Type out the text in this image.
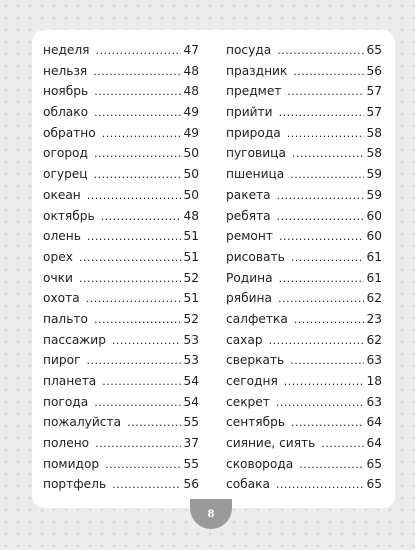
неделя .....	47
нельзя .....	48
ноябрь .....	48
облако .....	49
обратно .....	49
огород .....	50
огурец .....	50
океан .....	50
октябрь .....	48
олень .....	51
орех .....	51
очки .....	52
охота .....	51
пальто .....	52
пассажир .....	53
пирог .....	53
планета .....	54
погода .....	54
пожалуйста .....	55
полено .....	37
помидор .....	55
портфель .....	56
посуда .....	65
праздник .....	56
предмет .....	57
прийти .....	57
природа .....	58
пуговица .....	58
пшеница .....	59
ракета .....	59
ребята .....	60
ремонт .....	60
рисовать .....	61
Родина .....	61
рябина .....	62
салфетка .....	23
сахар .....	62
сверкать .....	63
сегодня .....	18
секрет .....	63
сентябрь .....	64
сияние, сиять .....	64
сковорода .....	65
собака .....	65
8
